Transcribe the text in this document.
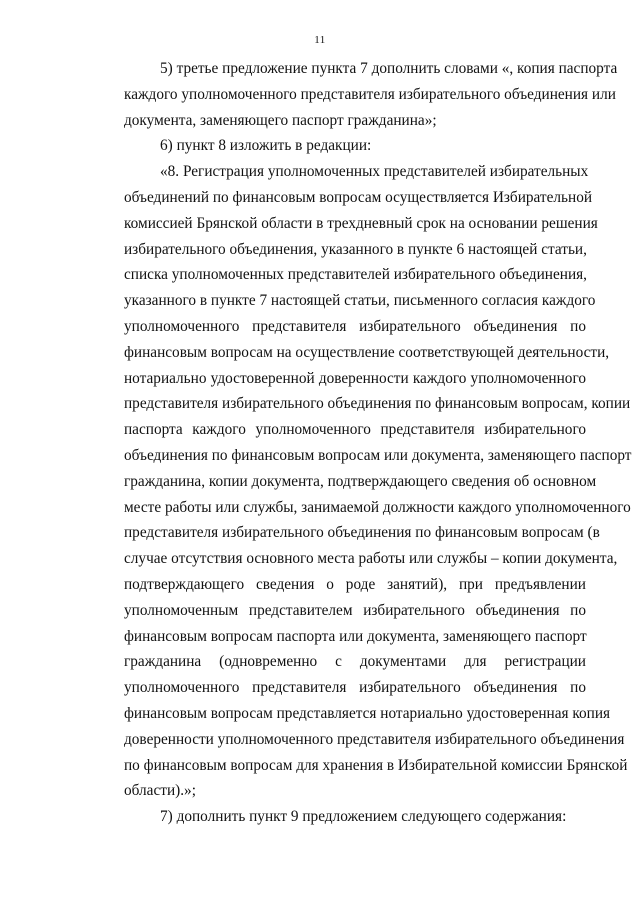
11
5) третье предложение пункта 7 дополнить словами «, копия паспорта
каждого уполномоченного представителя избирательного объединения или
документа, заменяющего паспорт гражданина»;
6) пункт 8 изложить в редакции:
«8. Регистрация уполномоченных представителей избирательных
объединений по финансовым вопросам осуществляется Избирательной
комиссией Брянской области в трехдневный срок на основании решения
избирательного объединения, указанного в пункте 6 настоящей статьи,
списка уполномоченных представителей избирательного объединения,
указанного в пункте 7 настоящей статьи, письменного согласия каждого
уполномоченного представителя избирательного объединения по
финансовым вопросам на осуществление соответствующей деятельности,
нотариально удостоверенной доверенности каждого уполномоченного
представителя избирательного объединения по финансовым вопросам, копии
паспорта каждого уполномоченного представителя избирательного
объединения по финансовым вопросам или документа, заменяющего паспорт
гражданина, копии документа, подтверждающего сведения об основном
месте работы или службы, занимаемой должности каждого уполномоченного
представителя избирательного объединения по финансовым вопросам (в
случае отсутствия основного места работы или службы – копии документа,
подтверждающего сведения о роде занятий), при предъявлении
уполномоченным представителем избирательного объединения по
финансовым вопросам паспорта или документа, заменяющего паспорт
гражданина (одновременно с документами для регистрации
уполномоченного представителя избирательного объединения по
финансовым вопросам представляется нотариально удостоверенная копия
доверенности уполномоченного представителя избирательного объединения
по финансовым вопросам для хранения в Избирательной комиссии Брянской
области).»;
7) дополнить пункт 9 предложением следующего содержания:
